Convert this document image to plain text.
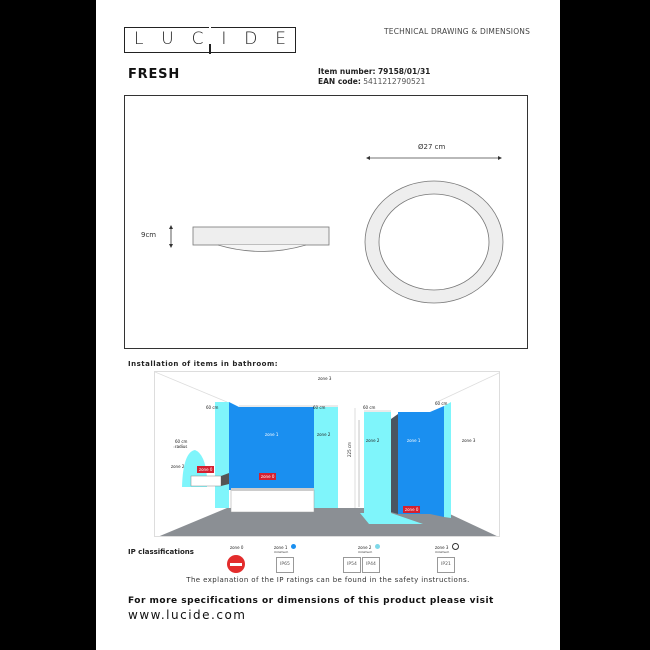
L U C I D E	TECHNICAL DRAWING & DIMENSIONS
FRESH	Item number: 79158/01/31
EAN code: 5411212790521
9cm
Ø27 cm
Installation of items in bathroom:
zone 3
60 cm	60 cm	60 cm
60 cm
60 cm radius
zone 2
zone 0
zone 1	zone 2
zone 0
225 cm
zone 2	zone 1
zone 0
zone 3
IP classifications
zone 0	zone 1
minimum
IP65
zone 2
minimum
IP54	IP44
zone 3
minimum
IP21
The explanation of the IP ratings can be found in the safety instructions.
For more specifications or dimensions of this product please visit
www.lucide.com
